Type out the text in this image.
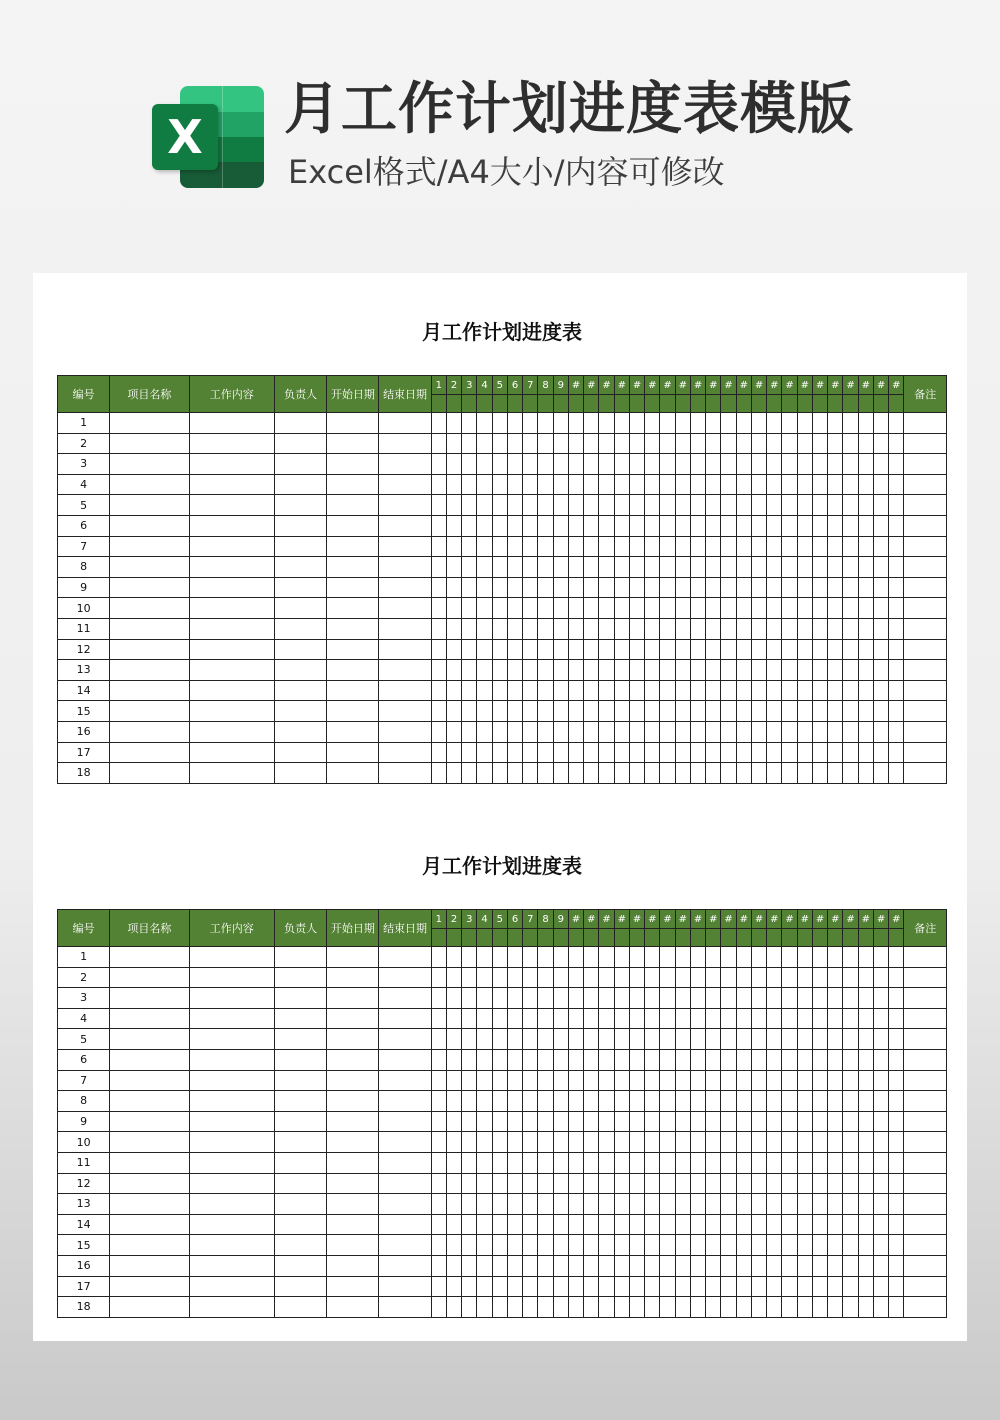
X 月工作计划进度表模版
Excel格式/A4大小/内容可修改
月工作计划进度表
编号	项目名称	工作内容	负责人	开始日期	结束日期	1	2	3	4	5	6	7	8	9	#	#	#	#	#	#	#	#	#	#	#	#	#	#	#	#	#	#	#	#	#	#	备注

1																																					
2																																					
3																																					
4																																					
5																																					
6																																					
7																																					
8																																					
9																																					
10																																					
11																																					
12																																					
13																																					
14																																					
15																																					
16																																					
17																																					
18																																					
月工作计划进度表
编号	项目名称	工作内容	负责人	开始日期	结束日期	1	2	3	4	5	6	7	8	9	#	#	#	#	#	#	#	#	#	#	#	#	#	#	#	#	#	#	#	#	#	#	备注

1																																					
2																																					
3																																					
4																																					
5																																					
6																																					
7																																					
8																																					
9																																					
10																																					
11																																					
12																																					
13																																					
14																																					
15																																					
16																																					
17																																					
18																																					
